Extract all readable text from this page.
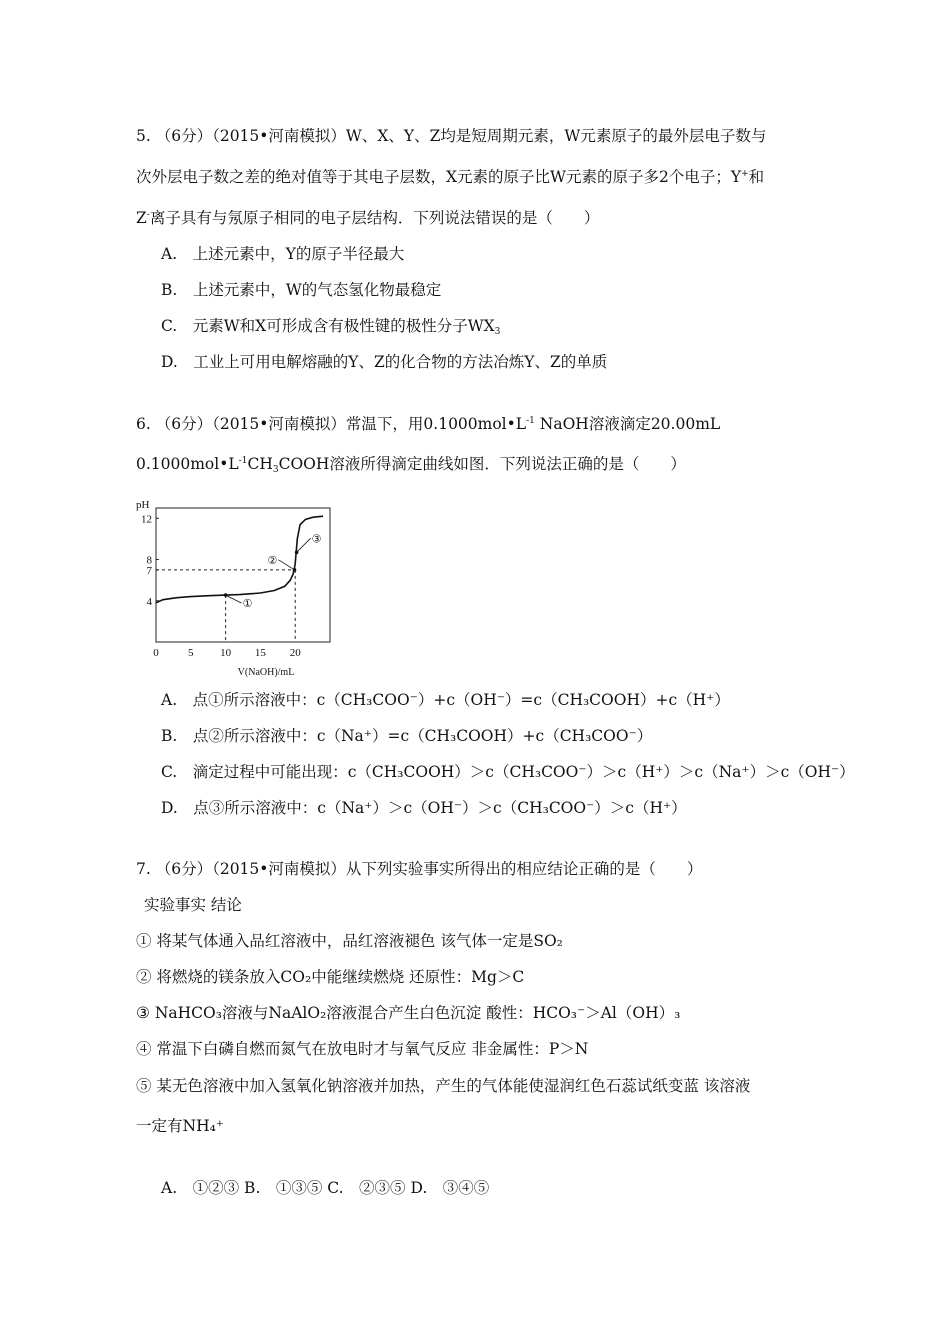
5. （6分）（2015•河南模拟）W、X、Y、Z均是短周期元素，W元素原子的最外层电子数与
次外层电子数之差的绝对值等于其电子层数，X元素的原子比W元素的原子多2个电子；Y+和
Z-离子具有与氖原子相同的电子层结构．下列说法错误的是（　　）
A.　上述元素中，Y的原子半径最大
B.　上述元素中，W的气态氢化物最稳定
C.　元素W和X可形成含有极性键的极性分子$WX_3$
D.　工业上可用电解熔融的Y、Z的化合物的方法冶炼Y、Z的单质
6. （6分）（2015•河南模拟）常温下，用$0.1000mol•L^{-1}$ NaOH溶液滴定20.00mL
$0.1000mol•L^{-1}CH_3COOH$溶液所得滴定曲线如图．下列说法正确的是（　　）
pH
0	5 10 15 20
4
7
8
12
①
②
③
V(NaOH)/mL
A.　点①所示溶液中：c（CH₃COO⁻）+c（OH⁻）=c（CH₃COOH）+c（H⁺）
B.　点②所示溶液中：c（Na⁺）=c（CH₃COOH）+c（CH₃COO⁻）
C.　滴定过程中可能出现：c（CH₃COOH）＞c（CH₃COO⁻）＞c（H⁺）＞c（Na⁺）＞c（OH⁻）
D.　点③所示溶液中：c（Na⁺）＞c（OH⁻）＞c（CH₃COO⁻）＞c（H⁺）
7. （6分）（2015•河南模拟）从下列实验事实所得出的相应结论正确的是（　　）
实验事实 结论
① 将某气体通入品红溶液中，品红溶液褪色 该气体一定是SO₂
② 将燃烧的镁条放入CO₂中能继续燃烧 还原性：Mg＞C
③ NaHCO₃溶液与NaAlO₂溶液混合产生白色沉淀 酸性：HCO₃⁻＞Al（OH）₃
④ 常温下白磷自燃而氮气在放电时才与氧气反应 非金属性：P＞N
⑤ 某无色溶液中加入氢氧化钠溶液并加热，产生的气体能使湿润红色石蕊试纸变蓝 该溶液
一定有NH₄⁺
A.　①②③ B.　①③⑤ C.　②③⑤ D.　③④⑤
